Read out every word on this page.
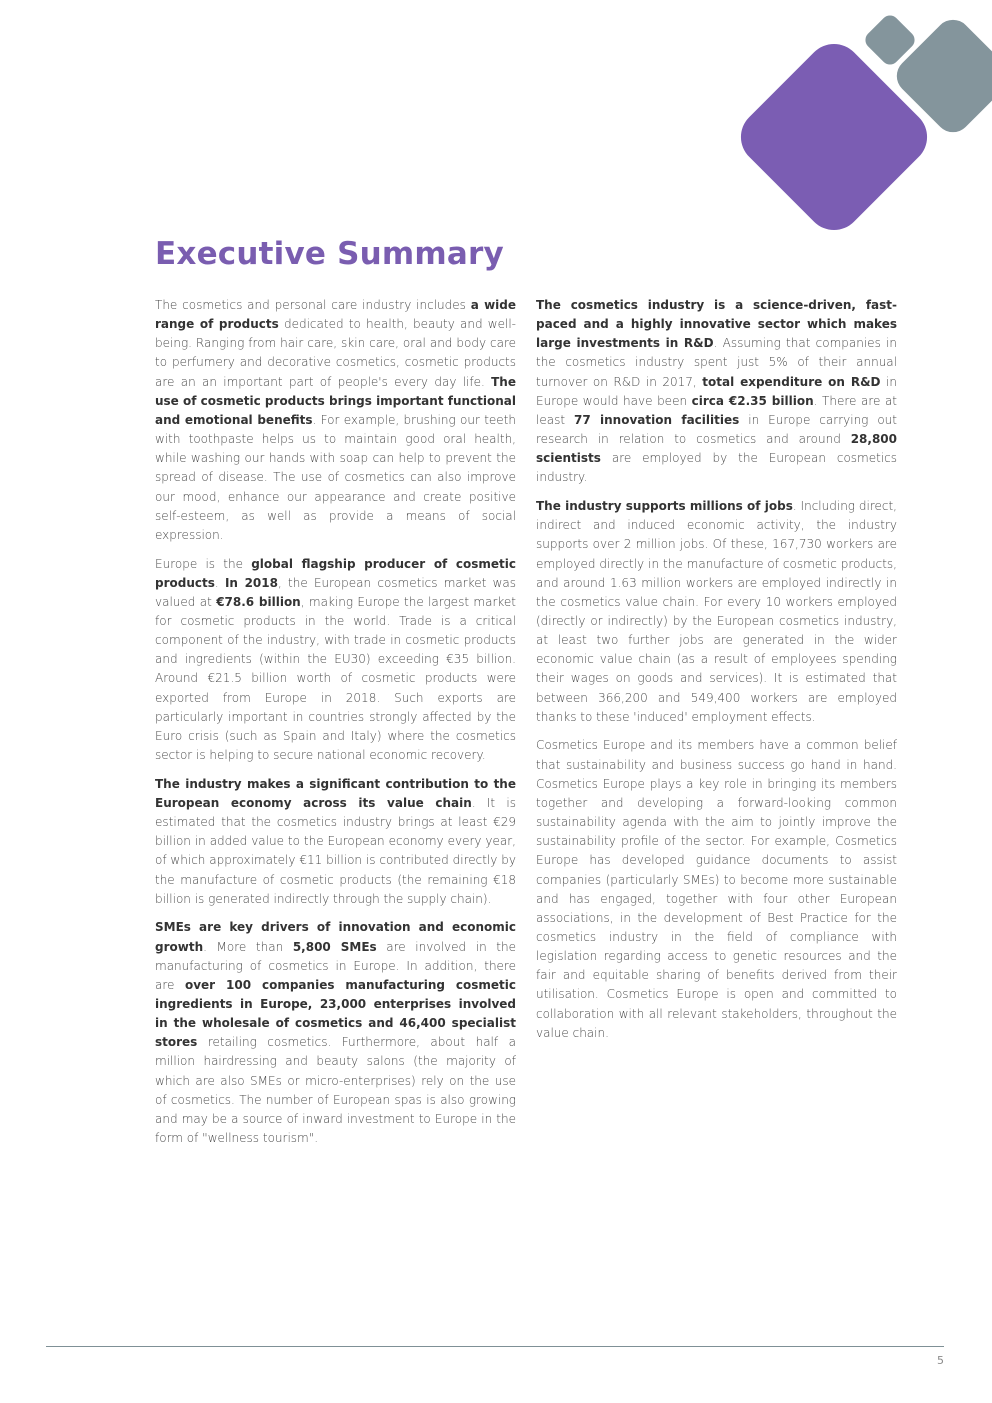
Executive Summary

The cosmetics and personal care industry includes a wide range of products dedicated to health, beauty and well-being. Ranging from hair care, skin care, oral and body care to perfumery and decorative cosmetics, cosmetic products are an an important part of people's every day life. The use of cosmetic products brings important functional and emotional benefits. For example, brushing our teeth with toothpaste helps us to maintain good oral health, while washing our hands with soap can help to prevent the spread of disease. The use of cosmetics can also improve our mood, enhance our appearance and create positive self-esteem, as well as provide a means of social expression.

Europe is the global flagship producer of cosmetic products. In 2018, the European cosmetics market was valued at €78.6 billion, making Europe the largest market for cosmetic products in the world. Trade is a critical component of the industry, with trade in cosmetic products and ingredients (within the EU30) exceeding €35 billion. Around €21.5 billion worth of cosmetic products were exported from Europe in 2018. Such exports are particularly important in countries strongly affected by the Euro crisis (such as Spain and Italy) where the cosmetics sector is helping to secure national economic recovery.

The industry makes a significant contribution to the European economy across its value chain. It is estimated that the cosmetics industry brings at least €29 billion in added value to the European economy every year, of which approximately €11 billion is contributed directly by the manufacture of cosmetic products (the remaining €18 billion is generated indirectly through the supply chain).

SMEs are key drivers of innovation and economic growth. More than 5,800 SMEs are involved in the manufacturing of cosmetics in Europe. In addition, there are over 100 companies manufacturing cosmetic ingredients in Europe, 23,000 enterprises involved in the wholesale of cosmetics and 46,400 specialist stores retailing cosmetics. Furthermore, about half a million hairdressing and beauty salons (the majority of which are also SMEs or micro-enterprises) rely on the use of cosmetics. The number of European spas is also growing and may be a source of inward investment to Europe in the form of "wellness tourism".

The cosmetics industry is a science-driven, fast-paced and a highly innovative sector which makes large investments in R&D. Assuming that companies in the cosmetics industry spent just 5% of their annual turnover on R&D in 2017, total expenditure on R&D in Europe would have been circa €2.35 billion. There are at least 77 innovation facilities in Europe carrying out research in relation to cosmetics and around 28,800 scientists are employed by the European cosmetics industry.

The industry supports millions of jobs. Including direct, indirect and induced economic activity, the industry supports over 2 million jobs. Of these, 167,730 workers are employed directly in the manufacture of cosmetic products, and around 1.63 million workers are employed indirectly in the cosmetics value chain. For every 10 workers employed (directly or indirectly) by the European cosmetics industry, at least two further jobs are generated in the wider economic value chain (as a result of employees spending their wages on goods and services). It is estimated that between 366,200 and 549,400 workers are employed thanks to these 'induced' employment effects.

Cosmetics Europe and its members have a common belief that sustainability and business success go hand in hand. Cosmetics Europe plays a key role in bringing its members together and developing a forward-looking common sustainability agenda with the aim to jointly improve the sustainability profile of the sector. For example, Cosmetics Europe has developed guidance documents to assist companies (particularly SMEs) to become more sustainable and has engaged, together with four other European associations, in the development of Best Practice for the cosmetics industry in the field of compliance with legislation regarding access to genetic resources and the fair and equitable sharing of benefits derived from their utilisation. Cosmetics Europe is open and committed to collaboration with all relevant stakeholders, throughout the value chain.

5
